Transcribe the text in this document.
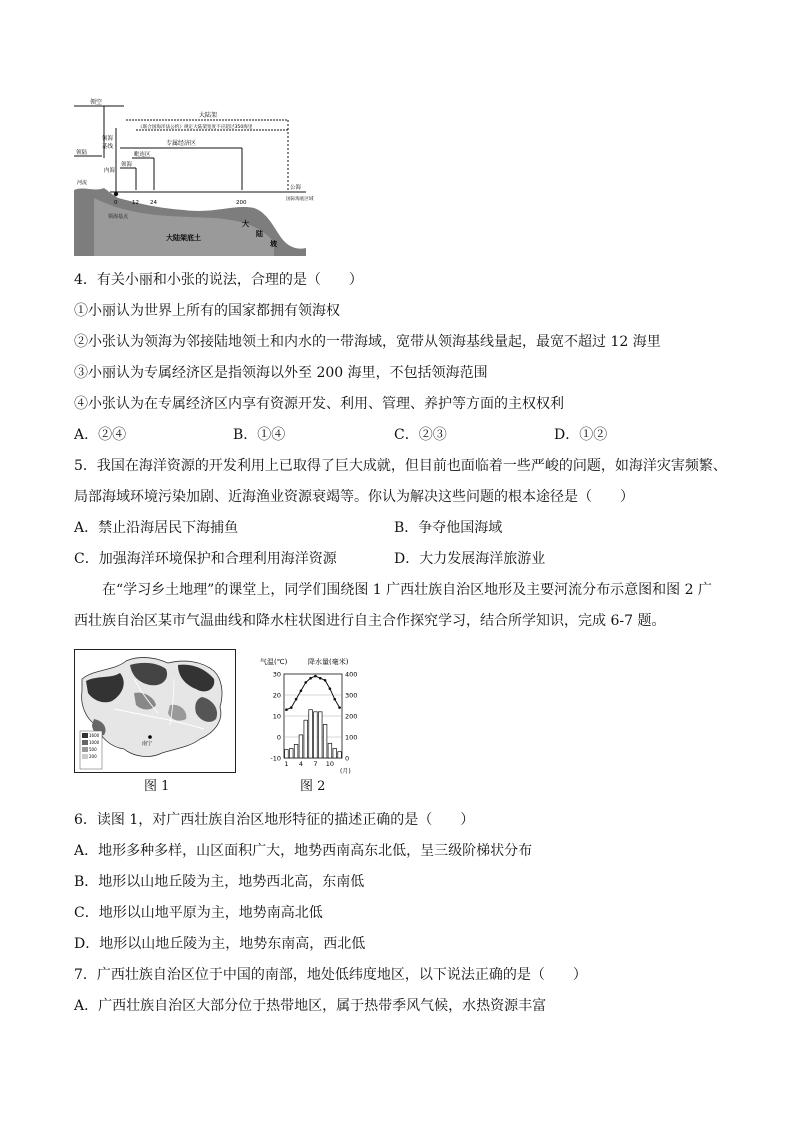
领空
大陆架
《联合国海洋法公约》规定大陆架宽度不应超过350海里
专属经济区
毗连区
领海
领海
基线
内海
领陆
河流
公海
国际海底区域
0
领海基点
12 24	200
大陆架底土
大
陆
坡
4．有关小丽和小张的说法，合理的是（　　）
①小丽认为世界上所有的国家都拥有领海权
②小张认为领海为邻接陆地领土和内水的一带海域，宽带从领海基线量起，最宽不超过 12 海里
③小丽认为专属经济区是指领海以外至 200 海里，不包括领海范围
④小张认为在专属经济区内享有资源开发、利用、管理、养护等方面的主权权利
A．②④	B．①④	C．②③	D．①②
5．我国在海洋资源的开发利用上已取得了巨大成就，但目前也面临着一些严峻的问题，如海洋灾害频繁、
局部海域环境污染加剧、近海渔业资源衰竭等。你认为解决这些问题的根本途径是（　　）
A．禁止沿海居民下海捕鱼	B．争夺他国海域
C．加强海洋环境保护和合理利用海洋资源	D．大力发展海洋旅游业
在“学习乡土地理”的课堂上，同学们围绕图 1 广西壮族自治区地形及主要河流分布示意图和图 2 广
西壮族自治区某市气温曲线和降水柱状图进行自主合作探究学习，结合所学知识，完成 6-7 题。
南宁
1600
1000
500
200
图 1
气温(℃)	降水量(毫米)
30
20
10
0
-10
400
300
200
100
0
1 4 7 10
(月)
图 2
6．读图 1，对广西壮族自治区地形特征的描述正确的是（　　）
A．地形多种多样，山区面积广大，地势西南高东北低，呈三级阶梯状分布
B．地形以山地丘陵为主，地势西北高，东南低
C．地形以山地平原为主，地势南高北低
D．地形以山地丘陵为主，地势东南高，西北低
7．广西壮族自治区位于中国的南部，地处低纬度地区，以下说法正确的是（　　）
A．广西壮族自治区大部分位于热带地区，属于热带季风气候，水热资源丰富
